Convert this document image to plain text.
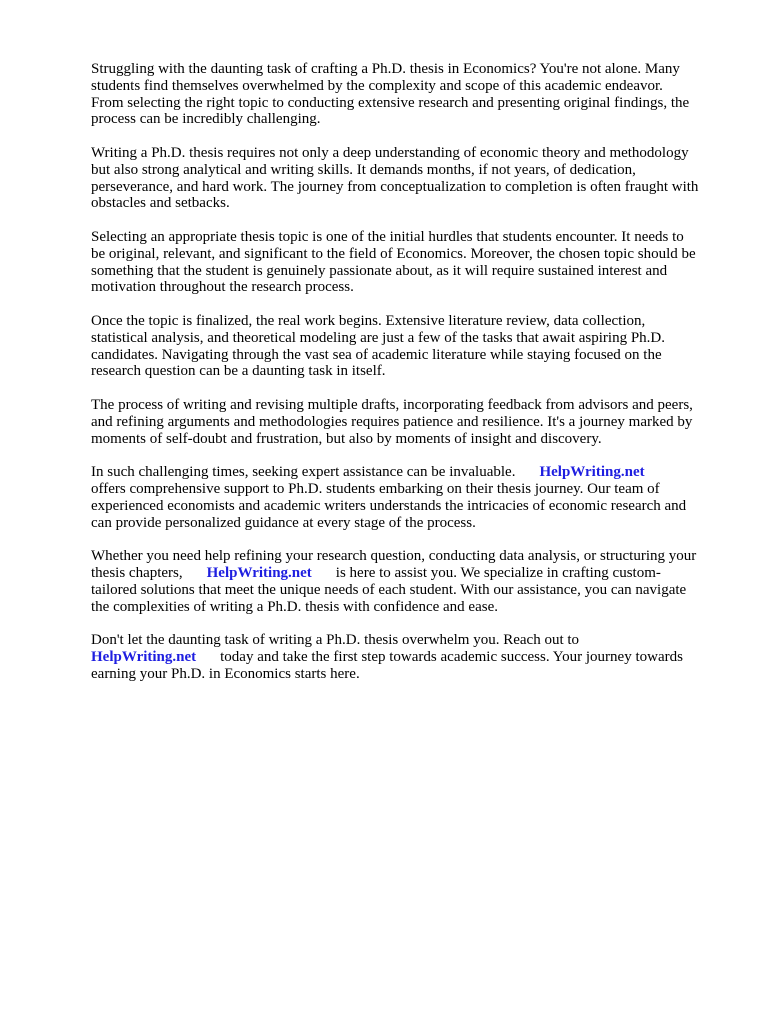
Struggling with the daunting task of crafting a Ph.D. thesis in Economics? You're not alone. Many
students find themselves overwhelmed by the complexity and scope of this academic endeavor.
From selecting the right topic to conducting extensive research and presenting original findings, the
process can be incredibly challenging.
Writing a Ph.D. thesis requires not only a deep understanding of economic theory and methodology
but also strong analytical and writing skills. It demands months, if not years, of dedication,
perseverance, and hard work. The journey from conceptualization to completion is often fraught with
obstacles and setbacks.
Selecting an appropriate thesis topic is one of the initial hurdles that students encounter. It needs to
be original, relevant, and significant to the field of Economics. Moreover, the chosen topic should be
something that the student is genuinely passionate about, as it will require sustained interest and
motivation throughout the research process.
Once the topic is finalized, the real work begins. Extensive literature review, data collection,
statistical analysis, and theoretical modeling are just a few of the tasks that await aspiring Ph.D.
candidates. Navigating through the vast sea of academic literature while staying focused on the
research question can be a daunting task in itself.
The process of writing and revising multiple drafts, incorporating feedback from advisors and peers,
and refining arguments and methodologies requires patience and resilience. It's a journey marked by
moments of self-doubt and frustration, but also by moments of insight and discovery.
In such challenging times, seeking expert assistance can be invaluable. HelpWriting.net
offers comprehensive support to Ph.D. students embarking on their thesis journey. Our team of
experienced economists and academic writers understands the intricacies of economic research and
can provide personalized guidance at every stage of the process.
Whether you need help refining your research question, conducting data analysis, or structuring your
thesis chapters, HelpWriting.net is here to assist you. We specialize in crafting custom-
tailored solutions that meet the unique needs of each student. With our assistance, you can navigate
the complexities of writing a Ph.D. thesis with confidence and ease.
Don't let the daunting task of writing a Ph.D. thesis overwhelm you. Reach out to
HelpWriting.net today and take the first step towards academic success. Your journey towards
earning your Ph.D. in Economics starts here.
